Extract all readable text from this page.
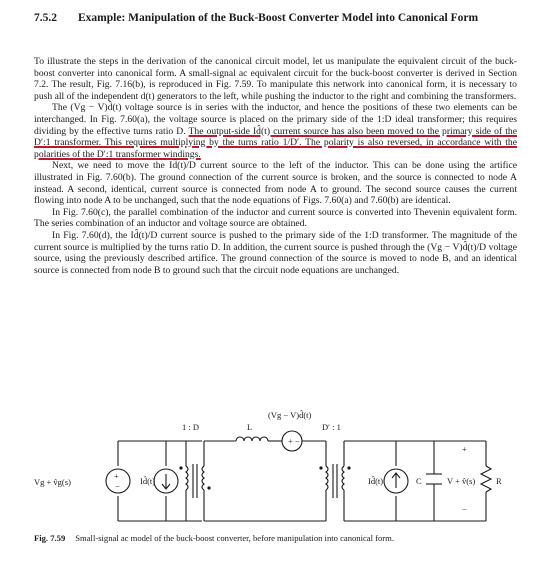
7.5.2 Example: Manipulation of the Buck-Boost Converter Model into Canonical Form

To illustrate the steps in the derivation of the canonical circuit model, let us manipulate the equivalent circuit of the buck-boost converter into canonical form. A small-signal ac equivalent circuit for the buck-boost converter is derived in Section 7.2. The result, Fig. 7.16(b), is reproduced in Fig. 7.59. To manipulate this network into canonical form, it is necessary to push all of the independent d(t) generators to the left, while pushing the inductor to the right and combining the transformers.

The (Vg − V)d̂(t) voltage source is in series with the inductor, and hence the positions of these two elements can be interchanged. In Fig. 7.60(a), the voltage source is placed on the primary side of the 1:D ideal transformer; this requires dividing by the effective turns ratio D. The output-side Id̂(t) current source has also been moved to the primary side of the D′:1 transformer. This requires multiplying by the turns ratio 1/D′. The polarity is also reversed, in accordance with the polarities of the D′:1 transformer windings.

Next, we need to move the Id̂(t)/D current source to the left of the inductor. This can be done using the artifice illustrated in Fig. 7.60(b). The ground connection of the current source is broken, and the source is connected to node A instead. A second, identical, current source is connected from node A to ground. The second source causes the current flowing into node A to be unchanged, such that the node equations of Figs. 7.60(a) and 7.60(b) are identical.

In Fig. 7.60(c), the parallel combination of the inductor and current source is converted into Thevenin equivalent form. The series combination of an inductor and voltage source are obtained.

In Fig. 7.60(d), the Id̂(t)/D current source is pushed to the primary side of the 1:D transformer. The magnitude of the current source is multiplied by the turns ratio D. In addition, the current source is pushed through the (Vg − V)d̂(t)/D voltage source, using the previously described artifice. The ground connection of the source is moved to node B, and an identical source is connected from node B to ground such that the circuit node equations are unchanged.

+
−
+ −
Vg + v̂g(s)	Id̂(t)
1 : D	L
(Vg − V)d̂(t)
D′ : 1
Id̂(t)	C	V + v̂(s) R
+
−
Fig. 7.59 Small-signal ac model of the buck-boost converter, before manipulation into canonical form.
